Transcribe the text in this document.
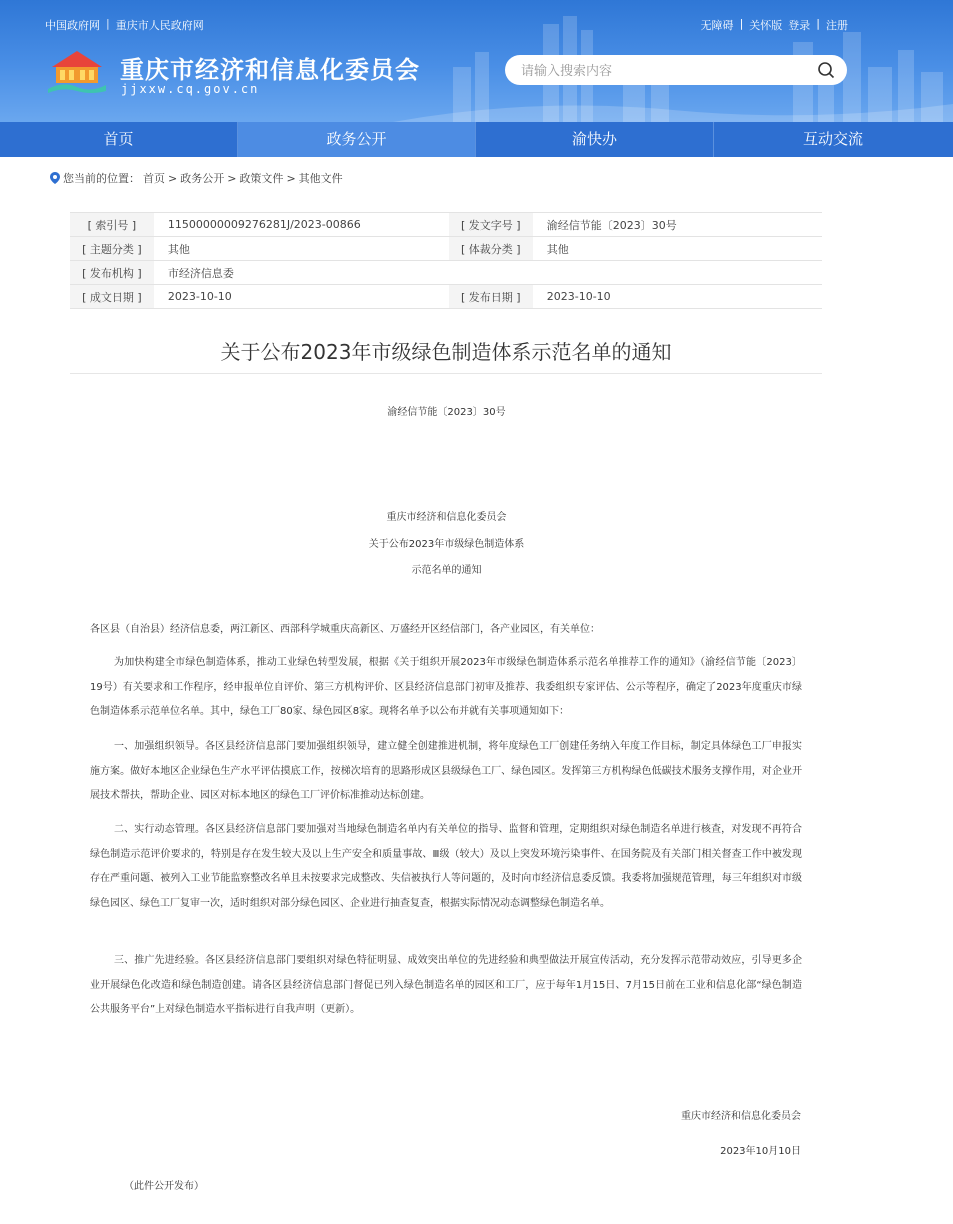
中国政府网 | 重庆市人民政府网	无障碍 | 关怀版 登录 | 注册
重庆市经济和信息化委员会
jjxxw.cq.gov.cn
请输入搜索内容
首页	政务公开	渝快办	互动交流
您当前的位置： 首页 > 政务公开 > 政策文件 > 其他文件
[ 索引号 ]	11500000009276281J/2023-00866	[ 发文字号 ]	渝经信节能〔2023〕30号
[ 主题分类 ]	其他	[ 体裁分类 ]	其他
[ 发布机构 ]	市经济信息委		
[ 成文日期 ]	2023-10-10	[ 发布日期 ]	2023-10-10
关于公布2023年市级绿色制造体系示范名单的通知
渝经信节能〔2023〕30号
重庆市经济和信息化委员会
关于公布2023年市级绿色制造体系
示范名单的通知

各区县（自治县）经济信息委，两江新区、西部科学城重庆高新区、万盛经开区经信部门，各产业园区，有关单位：

为加快构建全市绿色制造体系，推动工业绿色转型发展，根据《关于组织开展2023年市级绿色制造体系示范名单推荐工作的通知》（渝经信节能〔2023〕19号）有关要求和工作程序，经申报单位自评价、第三方机构评价、区县经济信息部门初审及推荐、我委组织专家评估、公示等程序，确定了2023年度重庆市绿色制造体系示范单位名单。其中，绿色工厂80家、绿色园区8家。现将名单予以公布并就有关事项通知如下：

一、加强组织领导。各区县经济信息部门要加强组织领导，建立健全创建推进机制，将年度绿色工厂创建任务纳入年度工作目标，制定具体绿色工厂申报实施方案。做好本地区企业绿色生产水平评估摸底工作，按梯次培育的思路形成区县级绿色工厂、绿色园区。发挥第三方机构绿色低碳技术服务支撑作用，对企业开展技术帮扶，帮助企业、园区对标本地区的绿色工厂评价标准推动达标创建。

二、实行动态管理。各区县经济信息部门要加强对当地绿色制造名单内有关单位的指导、监督和管理，定期组织对绿色制造名单进行核查，对发现不再符合绿色制造示范评价要求的，特别是存在发生较大及以上生产安全和质量事故、Ⅲ级（较大）及以上突发环境污染事件、在国务院及有关部门相关督查工作中被发现存在严重问题、被列入工业节能监察整改名单且未按要求完成整改、失信被执行人等问题的，及时向市经济信息委反馈。我委将加强规范管理，每三年组织对市级绿色园区、绿色工厂复审一次，适时组织对部分绿色园区、企业进行抽查复查，根据实际情况动态调整绿色制造名单。

三、推广先进经验。各区县经济信息部门要组织对绿色特征明显、成效突出单位的先进经验和典型做法开展宣传活动，充分发挥示范带动效应，引导更多企业开展绿色化改造和绿色制造创建。请各区县经济信息部门督促已列入绿色制造名单的园区和工厂，应于每年1月15日、7月15日前在工业和信息化部“绿色制造公共服务平台”上对绿色制造水平指标进行自我声明（更新）。

重庆市经济和信息化委员会
2023年10月10日
（此件公开发布）
